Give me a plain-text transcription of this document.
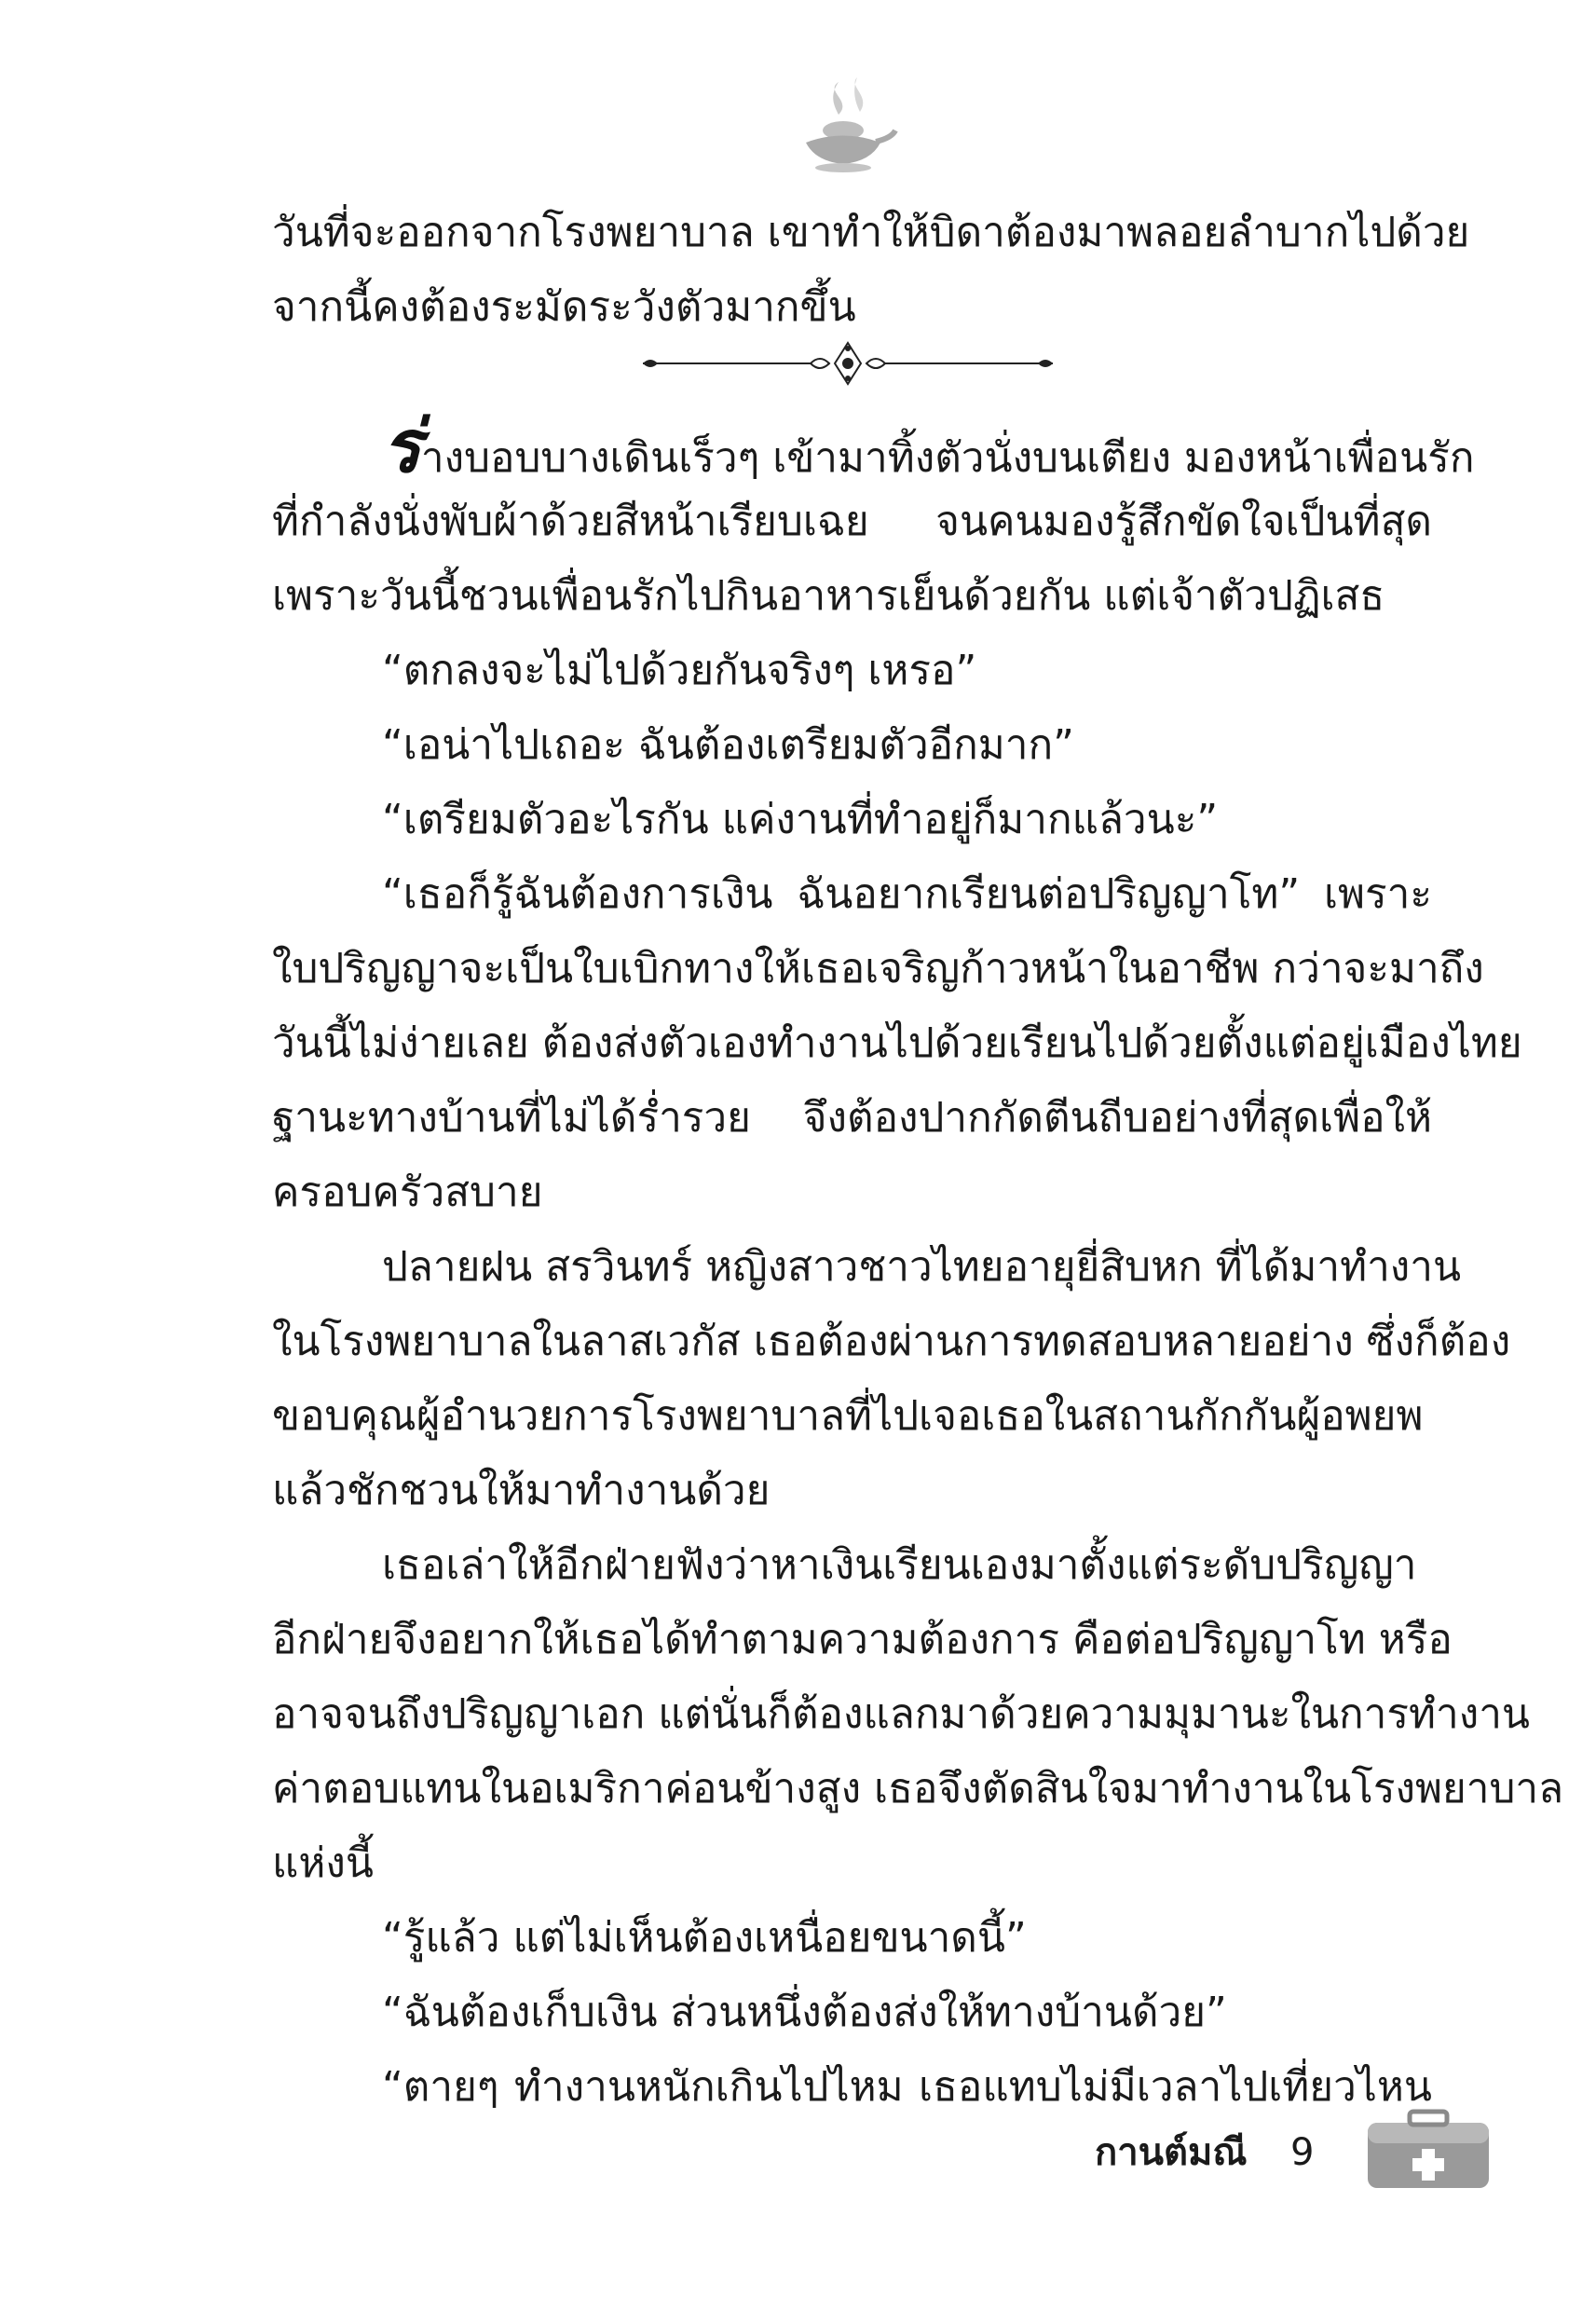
วันที่จะออกจากโรงพยาบาล เขาทำให้บิดาต้องมาพลอยลำบากไปด้วย
จากนี้คงต้องระมัดระวังตัวมากขึ้น
ร่างบอบบางเดินเร็วๆ เข้ามาทิ้งตัวนั่งบนเตียง มองหน้าเพื่อนรัก
ที่กำลังนั่งพับผ้าด้วยสีหน้าเรียบเฉย จนคนมองรู้สึกขัดใจเป็นที่สุด
เพราะวันนี้ชวนเพื่อนรักไปกินอาหารเย็นด้วยกัน แต่เจ้าตัวปฏิเสธ
“ตกลงจะไม่ไปด้วยกันจริงๆ เหรอ”
“เอน่าไปเถอะ ฉันต้องเตรียมตัวอีกมาก”
“เตรียมตัวอะไรกัน แค่งานที่ทำอยู่ก็มากแล้วนะ”
“เธอก็รู้ฉันต้องการเงิน ฉันอยากเรียนต่อปริญญาโท” เพราะ
ใบปริญญาจะเป็นใบเบิกทางให้เธอเจริญก้าวหน้าในอาชีพ กว่าจะมาถึง
วันนี้ไม่ง่ายเลย ต้องส่งตัวเองทำงานไปด้วยเรียนไปด้วยตั้งแต่อยู่เมืองไทย
ฐานะทางบ้านที่ไม่ได้ร่ำรวย จึงต้องปากกัดตีนถีบอย่างที่สุดเพื่อให้
ครอบครัวสบาย
ปลายฝน สรวินทร์ หญิงสาวชาวไทยอายุยี่สิบหก ที่ได้มาทำงาน
ในโรงพยาบาลในลาสเวกัส เธอต้องผ่านการทดสอบหลายอย่าง ซึ่งก็ต้อง
ขอบคุณผู้อำนวยการโรงพยาบาลที่ไปเจอเธอในสถานกักกันผู้อพยพ
แล้วชักชวนให้มาทำงานด้วย
เธอเล่าให้อีกฝ่ายฟังว่าหาเงินเรียนเองมาตั้งแต่ระดับปริญญา
อีกฝ่ายจึงอยากให้เธอได้ทำตามความต้องการ คือต่อปริญญาโท หรือ
อาจจนถึงปริญญาเอก แต่นั่นก็ต้องแลกมาด้วยความมุมานะในการทำงาน
ค่าตอบแทนในอเมริกาค่อนข้างสูง เธอจึงตัดสินใจมาทำงานในโรงพยาบาล
แห่งนี้
“รู้แล้ว แต่ไม่เห็นต้องเหนื่อยขนาดนี้”
“ฉันต้องเก็บเงิน ส่วนหนึ่งต้องส่งให้ทางบ้านด้วย”
“ตายๆ ทำงานหนักเกินไปไหม เธอแทบไม่มีเวลาไปเที่ยวไหน
กานต์มณี 9
